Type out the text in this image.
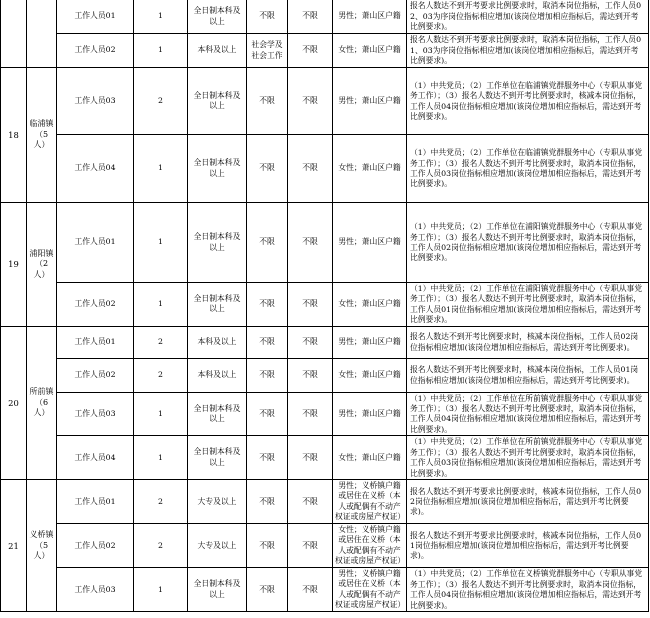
		工作人员01	1	全日制本科及以上	不限	不限	男性；萧山区户籍	报名人数达不到开考要求比例要求时，取消本岗位指标，工作人员02、03为序岗位指标相应增加(该岗位增加相应指标后，需达到开考比例要求)。
		工作人员02	1	本科及以上	社会学及社会工作	不限	女性；萧山区户籍	报名人数达不到开考要求比例要求时，取消本岗位指标，工作人员01、03为序岗位指标相应增加(该岗位增加相应指标后，需达到开考比例要求)。
18	临浦镇（5人）	工作人员03	2	全日制本科及以上	不限	不限	男性；萧山区户籍	（1）中共党员；（2）工作单位在临浦镇党群服务中心（专职从事党务工作）；（3）报名人数达不到开考比例要求时，核减本岗位指标，工作人员04岗位指标相应增加(该岗位增加相应指标后，需达到开考比例要求)。
		工作人员04	1	全日制本科及以上	不限	不限	女性；萧山区户籍	（1）中共党员；（2）工作单位在临浦镇党群服务中心（专职从事党务工作）；（3）报名人数达不到开考比例要求时，取消本岗位指标，工作人员03岗位指标相应增加(该岗位增加相应指标后，需达到开考比例要求)。
19	浦阳镇（2人）	工作人员01	1	全日制本科及以上	不限	不限	男性；萧山区户籍	（1）中共党员；（2）工作单位在浦阳镇党群服务中心（专职从事党务工作）；（3）报名人数达不到开考比例要求时，取消本岗位指标，工作人员02岗位指标相应增加(该岗位增加相应指标后，需达到开考比例要求)。
		工作人员02	1	全日制本科及以上	不限	不限	女性；萧山区户籍	（1）中共党员；（2）工作单位在浦阳镇党群服务中心（专职从事党务工作）；（3）报名人数达不到开考比例要求时，取消本岗位指标，工作人员01岗位指标相应增加(该岗位增加相应指标后，需达到开考比例要求)。
20	所前镇（6人）	工作人员01	2	本科及以上	不限	不限	男性；萧山区户籍	报名人数达不到开考比例要求时，核减本岗位指标，工作人员02岗位指标相应增加(该岗位增加相应指标后，需达到开考比例要求)。
		工作人员02	2	本科及以上	不限	不限	女性；萧山区户籍	报名人数达不到开考比例要求时，核减本岗位指标，工作人员01岗位指标相应增加(该岗位增加相应指标后，需达到开考比例要求)。
		工作人员03	1	全日制本科及以上	不限	不限	男性；萧山区户籍	（1）中共党员；（2）工作单位在所前镇党群服务中心（专职从事党务工作）；（3）报名人数达不到开考比例要求时，取消本岗位指标，工作人员04岗位指标相应增加(该岗位增加相应指标后，需达到开考比例要求)。
		工作人员04	1	全日制本科及以上	不限	不限	女性；萧山区户籍	（1）中共党员；（2）工作单位在所前镇党群服务中心（专职从事党务工作）；（3）报名人数达不到开考比例要求时，取消本岗位指标，工作人员03岗位指标相应增加(该岗位增加相应指标后，需达到开考比例要求)。
21	义桥镇（5人）	工作人员01	2	大专及以上	不限	不限	男性；义桥镇户籍或居住在义桥（本人或配偶有不动产权证或房屋产权证）	报名人数达不到开考要求比例要求时，核减本岗位指标，工作人员02岗位指标相应增加(该岗位增加相应指标后，需达到开考比例要求)。
		工作人员02	2	大专及以上	不限	不限	女性；义桥镇户籍或居住在义桥（本人或配偶有不动产权证或房屋产权证）	报名人数达不到开考要求比例要求时，核减本岗位指标，工作人员01岗位指标相应增加(该岗位增加相应指标后，需达到开考比例要求)。
		工作人员03	1	全日制本科及以上	不限	不限	男性；义桥镇户籍或居住在义桥（本人或配偶有不动产权证或房屋产权证）	（1）中共党员；（2）工作单位在义桥镇党群服务中心（专职从事党务工作）；（3）报名人数达不到开考比例要求时，取消本岗位指标，工作人员04岗位指标相应增加(该岗位增加相应指标后，需达到开考比例要求)。
